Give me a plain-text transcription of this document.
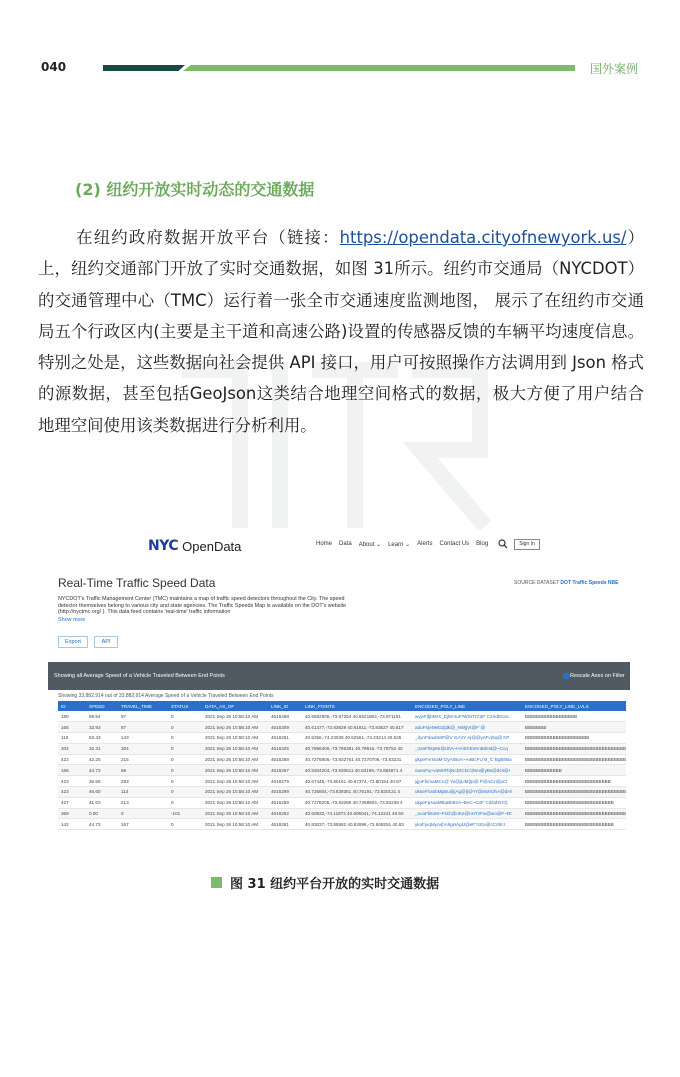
040	国外案例
(2) 纽约开放实时动态的交通数据
在纽约政府数据开放平台（链接：https://opendata.cityofnewyork.us/）上，纽约交通部门开放了实时交通数据，如图 31所示。纽约市交通局（NYCDOT）的交通管理中心（TMC）运行着一张全市交通速度监测地图， 展示了在纽约市交通局五个行政区内(主要是主干道和高速公路)设置的传感器反馈的车辆平均速度信息。特别之处是，这些数据向社会提供 API 接口，用户可按照操作方法调用到 Json 格式的源数据，甚至包括GeoJson这类结合地理空间格式的数据，极大方便了用户结合地理空间使用该类数据进行分析利用。
NYC OpenData	Home Data About ⌄ Learn ⌄ Alerts Contact Us Blog	Sign In
Real-Time Traffic Speed Data	SOURCE DATASET DOT Traffic Speeds NBE
NYCDOT's Traffic Management Center (TMC) maintains a map of traffic speed detectors throughout the City. The speed detector themselves belong to various city and state agencies. The Traffic Speeds Map is available on the DOT's website (http://nyctmc.org/ ). This data feed contains 'real-time' traffic information
Show more
Export	API
Showing all Average Speed of a Vehicle Traveled Between End Points	Rescale Axes on Filter
Showing 33,882,914 out of 33,882,914 Average Speed of a Vehicle Traveled Between End Points
ID	SPEED	TRAVEL_TIME	STATUS	DATA_AS_OF	LINK_ID	LINK_POINTS	ENCODED_POLY_LINE	ENCODED_POLY_LINE_LVLS
180	59.54	97	0	2021 Sep 26 10:58:10 AM	4616268	40.6582805,-73.87254 40.6521804,-73.871181	wvjvF|fjbMrX_EjhK!ruFrWDrTrCdF`CzSdECiIc	BBBBBBBBBBBBBBBBB
165	32.93	87	0	2021 Sep 26 10:58:10 AM	4616309	40.61477,-73.83629 40.61611,-73.83627 40.617	aduFs{eMeDZjdk@_NWjjVt@F`@	BBBBBBB
110	53.43	143	0	2021 Sep 26 10:58:10 AM	4616261	40.5256,-74.23039 40.52561,-74.23214 40.525	_dynFdaubMP@V GA\IY A|@@ynFv|Sq@ NT	BBBBBBBBBBBBBBBBBBBBB
204	32.31	304	0	2021 Sep 26 10:58:10 AM	4616325	40.7866406,-73.786381 40.78616,-73.78752 40	_ozaFhkpMr@dr\A~HA\EhEirKnBdHd@~Ccq	BBBBBBBBBBBBBBBBBBBBBBBBBBBBBBBBB
422	42.25	215	0	2021 Sep 26 10:58:10 AM	4616268	40.7276806,-73.832761 40.7270706,-73.83231	gkpeFvrssaM`DyArBoA~AeBcFU`B_C`BgBhBa	BBBBBBBBBBBBBBBBBBBBBBBBBBBBBBBBB
168	44.73	58	0	2021 Sep 26 10:58:10 AM	4616267	40.8304204,-73.830611 40.83198,-73.854871 4	oueoFq~vaMnFb|NcDICkC\|Nm@yBs@dOi@r	BBBBBBBBBBBB
423	36.66	283	0	2021 Sep 26 10:58:10 AM	4616279	40.67445,-73.80161 40.67374,-73.80154 40.67	yjjuFhimaMCc@ Yo@jLIM{tp@ P@nCz@pCl	BBBBBBBBBBBBBBBBBBBBBBBBBBBB
423	46.60	114	0	2021 Sep 26 10:58:10 AM	4616299	40.726804,-73.839361 40.76191,-73.830121 4	ukseFhanbMpBu@jAg@||@Yr@MohOhA@dHi	BBBBBBBBBBBBBBBBBBBBBBBBBBBBBBBBB
427	41.63	213	0	2021 Sep 26 10:58:10 AM	4616259	40.7278205,-73.83288 40.7288804,-73.83238 4	ukpeFpsuaMBuBkBnA~BeC~CxF`CdDdXrCt|	BBBBBBBBBBBBBBBBBBBBBBBBBBBBB
369	0.00	0	-101	2021 Sep 26 10:58:10 AM	4616262	40.60832,-74.11972 40.605041,-74.12241 40.60	_ocaFbkoM~FsO\@oKe@nHTzFw@wo@F~Dt	BBBBBBBBBBBBBBBBBBBBBBBBBBBBBBBBB
142	44.73	167	0	2021 Sep 26 10:58:10 AM	4616261	40.83037,-73.85582 40.82996,-73.849251 40.83	ykoFjvqMyAs|\AlIgHAgIJ@eF?cEa@cCcBcI	BBBBBBBBBBBBBBBBBBBBBBBBBBBBB
图 31 纽约平台开放的实时交通数据
